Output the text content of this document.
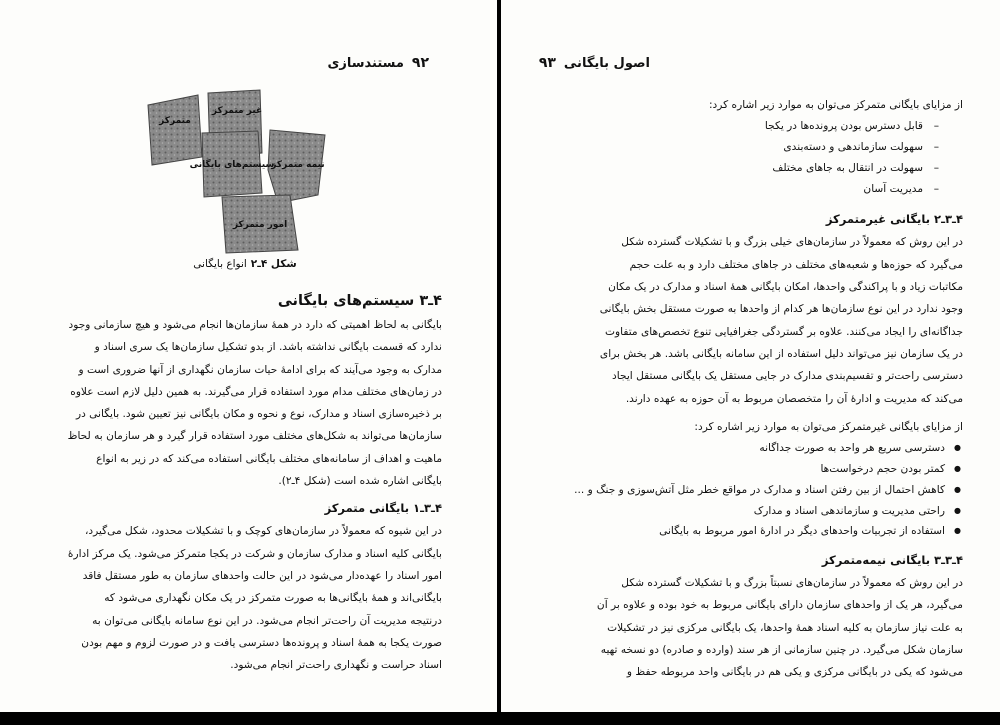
۹۲مستندسازی
متمرکز
غیر متمرکز
سیستم‌های بایگانی
نیمه متمرکز
امور متمرکز
شکل ۴ـ۲انواع بایگانی
۴ـ۳ سیستم‌های بایگانی
بایگانی به لحاظ اهمیتی که دارد در همهٔ سازمان‌ها انجام می‌شود و هیچ سازمانی وجود
ندارد که قسمت بایگانی نداشته باشد. از بدو تشکیل سازمان‌ها یک سری اسناد و
مدارک به وجود می‌آیند که برای ادامهٔ حیات سازمان نگهداری از آنها ضروری است و
در زمان‌های مختلف مدام مورد استفاده قرار می‌گیرند. به همین دلیل لازم است علاوه
بر ذخیره‌سازی اسناد و مدارک، نوع و نحوه و مکان بایگانی نیز تعیین شود. بایگانی در
سازمان‌ها می‌تواند به شکل‌های مختلف مورد استفاده قرار گیرد و هر سازمان به لحاظ
ماهیت و اهداف از سامانه‌های مختلف بایگانی استفاده می‌کند که در زیر به انواع
بایگانی اشاره شده است (شکل ۴ـ۲).
۴ـ۳ـ۱ بایگانی متمرکز
در این شیوه که معمولاً در سازمان‌های کوچک و با تشکیلات محدود، شکل می‌گیرد،
بایگانی کلیه اسناد و مدارک سازمان و شرکت در یکجا متمرکز می‌شود. یک مرکز ادارهٔ
امور اسناد را عهده‌دار می‌شود در این حالت واحدهای سازمان به طور مستقل فاقد
بایگانی‌اند و همهٔ بایگانی‌ها به صورت متمرکز در یک مکان نگهداری می‌شود که
درنتیجه مدیریت آن راحت‌تر انجام می‌شود. در این نوع سامانه بایگانی می‌توان به
صورت یکجا به همهٔ اسناد و پرونده‌ها دسترسی یافت و در صورت لزوم و مهم بودن
اسناد حراست و نگهداری راحت‌تر انجام می‌شود.
اصول بایگانی۹۳
از مزایای بایگانی متمرکز می‌توان به موارد زیر اشاره کرد:
– قابل دسترس بودن پرونده‌ها در یکجا
– سهولت سازماندهی و دسته‌بندی
– سهولت در انتقال به جاهای مختلف
– مدیریت آسان
۴ـ۳ـ۲ بایگانی غیرمتمرکز
در این روش که معمولاً در سازمان‌های خیلی بزرگ و با تشکیلات گسترده شکل
می‌گیرد که حوزه‌ها و شعبه‌های مختلف در جاهای مختلف دارد و به علت حجم
مکاتبات زیاد و با پراکندگی واحدها، امکان بایگانی همهٔ اسناد و مدارک در یک مکان
وجود ندارد در این نوع سازمان‌ها هر کدام از واحدها به صورت مستقل بخش بایگانی
جداگانه‌ای را ایجاد می‌کنند. علاوه بر گستردگی جغرافیایی تنوع تخصص‌های متفاوت
در یک سازمان نیز می‌تواند دلیل استفاده از این سامانه بایگانی باشد. هر بخش برای
دسترسی راحت‌تر و تقسیم‌بندی مدارک در جایی مستقل یک بایگانی مستقل ایجاد
می‌کند که مدیریت و ادارهٔ آن را متخصصان مربوط به آن حوزه به عهده دارند.
از مزایای بایگانی غیرمتمرکز می‌توان به موارد زیر اشاره کرد:
● دسترسی سریع هر واحد به صورت جداگانه
● کمتر بودن حجم درخواست‌ها
● کاهش احتمال از بین رفتن اسناد و مدارک در مواقع خطر مثل آتش‌سوزی و جنگ و ...
● راحتی مدیریت و سازماندهی اسناد و مدارک
● استفاده از تجربیات واحدهای دیگر در ادارهٔ امور مربوط به بایگانی
۴ـ۳ـ۳ بایگانی نیمه‌متمرکز
در این روش که معمولاً در سازمان‌های نسبتاً بزرگ و با تشکیلات گسترده شکل
می‌گیرد، هر یک از واحدهای سازمان دارای بایگانی مربوط به خود بوده و علاوه بر آن
به علت نیاز سازمان به کلیه اسناد همهٔ واحدها، یک بایگانی مرکزی نیز در تشکیلات
سازمان شکل می‌گیرد. در چنین سازمانی از هر سند (وارده و صادره) دو نسخه تهیه
می‌شود که یکی در بایگانی مرکزی و یکی هم در بایگانی واحد مربوطه حفظ و
